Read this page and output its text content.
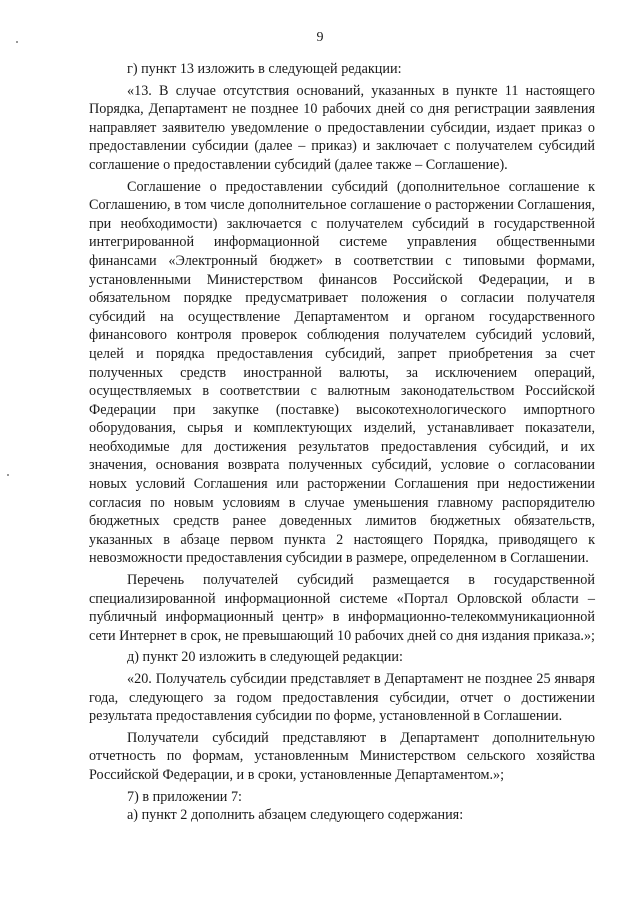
9

г) пункт 13 изложить в следующей редакции:

«13. В случае отсутствия оснований, указанных в пункте 11 настоящего Порядка, Департамент не позднее 10 рабочих дней со дня регистрации заявления направляет заявителю уведомление о предоставлении субсидии, издает приказ о предоставлении субсидии (далее – приказ) и заключает с получателем субсидий соглашение о предоставлении субсидий (далее также – Соглашение).

Соглашение о предоставлении субсидий (дополнительное соглашение к Соглашению, в том числе дополнительное соглашение о расторжении Соглашения, при необходимости) заключается с получателем субсидий в государственной интегрированной информационной системе управления общественными финансами «Электронный бюджет» в соответствии с типовыми формами, установленными Министерством финансов Российской Федерации, и в обязательном порядке предусматривает положения о согласии получателя субсидий на осуществление Департаментом и органом государственного финансового контроля проверок соблюдения получателем субсидий условий, целей и порядка предоставления субсидий, запрет приобретения за счет полученных средств иностранной валюты, за исключением операций, осуществляемых в соответствии с валютным законодательством Российской Федерации при закупке (поставке) высокотехнологического импортного оборудования, сырья и комплектующих изделий, устанавливает показатели, необходимые для достижения результатов предоставления субсидий, и их значения, основания возврата полученных субсидий, условие о согласовании новых условий Соглашения или расторжении Соглашения при недостижении согласия по новым условиям в случае уменьшения главному распорядителю бюджетных средств ранее доведенных лимитов бюджетных обязательств, указанных в абзаце первом пункта 2 настоящего Порядка, приводящего к невозможности предоставления субсидии в размере, определенном в Соглашении.

Перечень получателей субсидий размещается в государственной специализированной информационной системе «Портал Орловской области – публичный информационный центр» в информационно-телекоммуникационной сети Интернет в срок, не превышающий 10 рабочих дней со дня издания приказа.»;

д) пункт 20 изложить в следующей редакции:

«20. Получатель субсидии представляет в Департамент не позднее 25 января года, следующего за годом предоставления субсидии, отчет о достижении результата предоставления субсидии по форме, установленной в Соглашении.

Получатели субсидий представляют в Департамент дополнительную отчетность по формам, установленным Министерством сельского хозяйства Российской Федерации, и в сроки, установленные Департаментом.»;

7) в приложении 7:

а) пункт 2 дополнить абзацем следующего содержания:
